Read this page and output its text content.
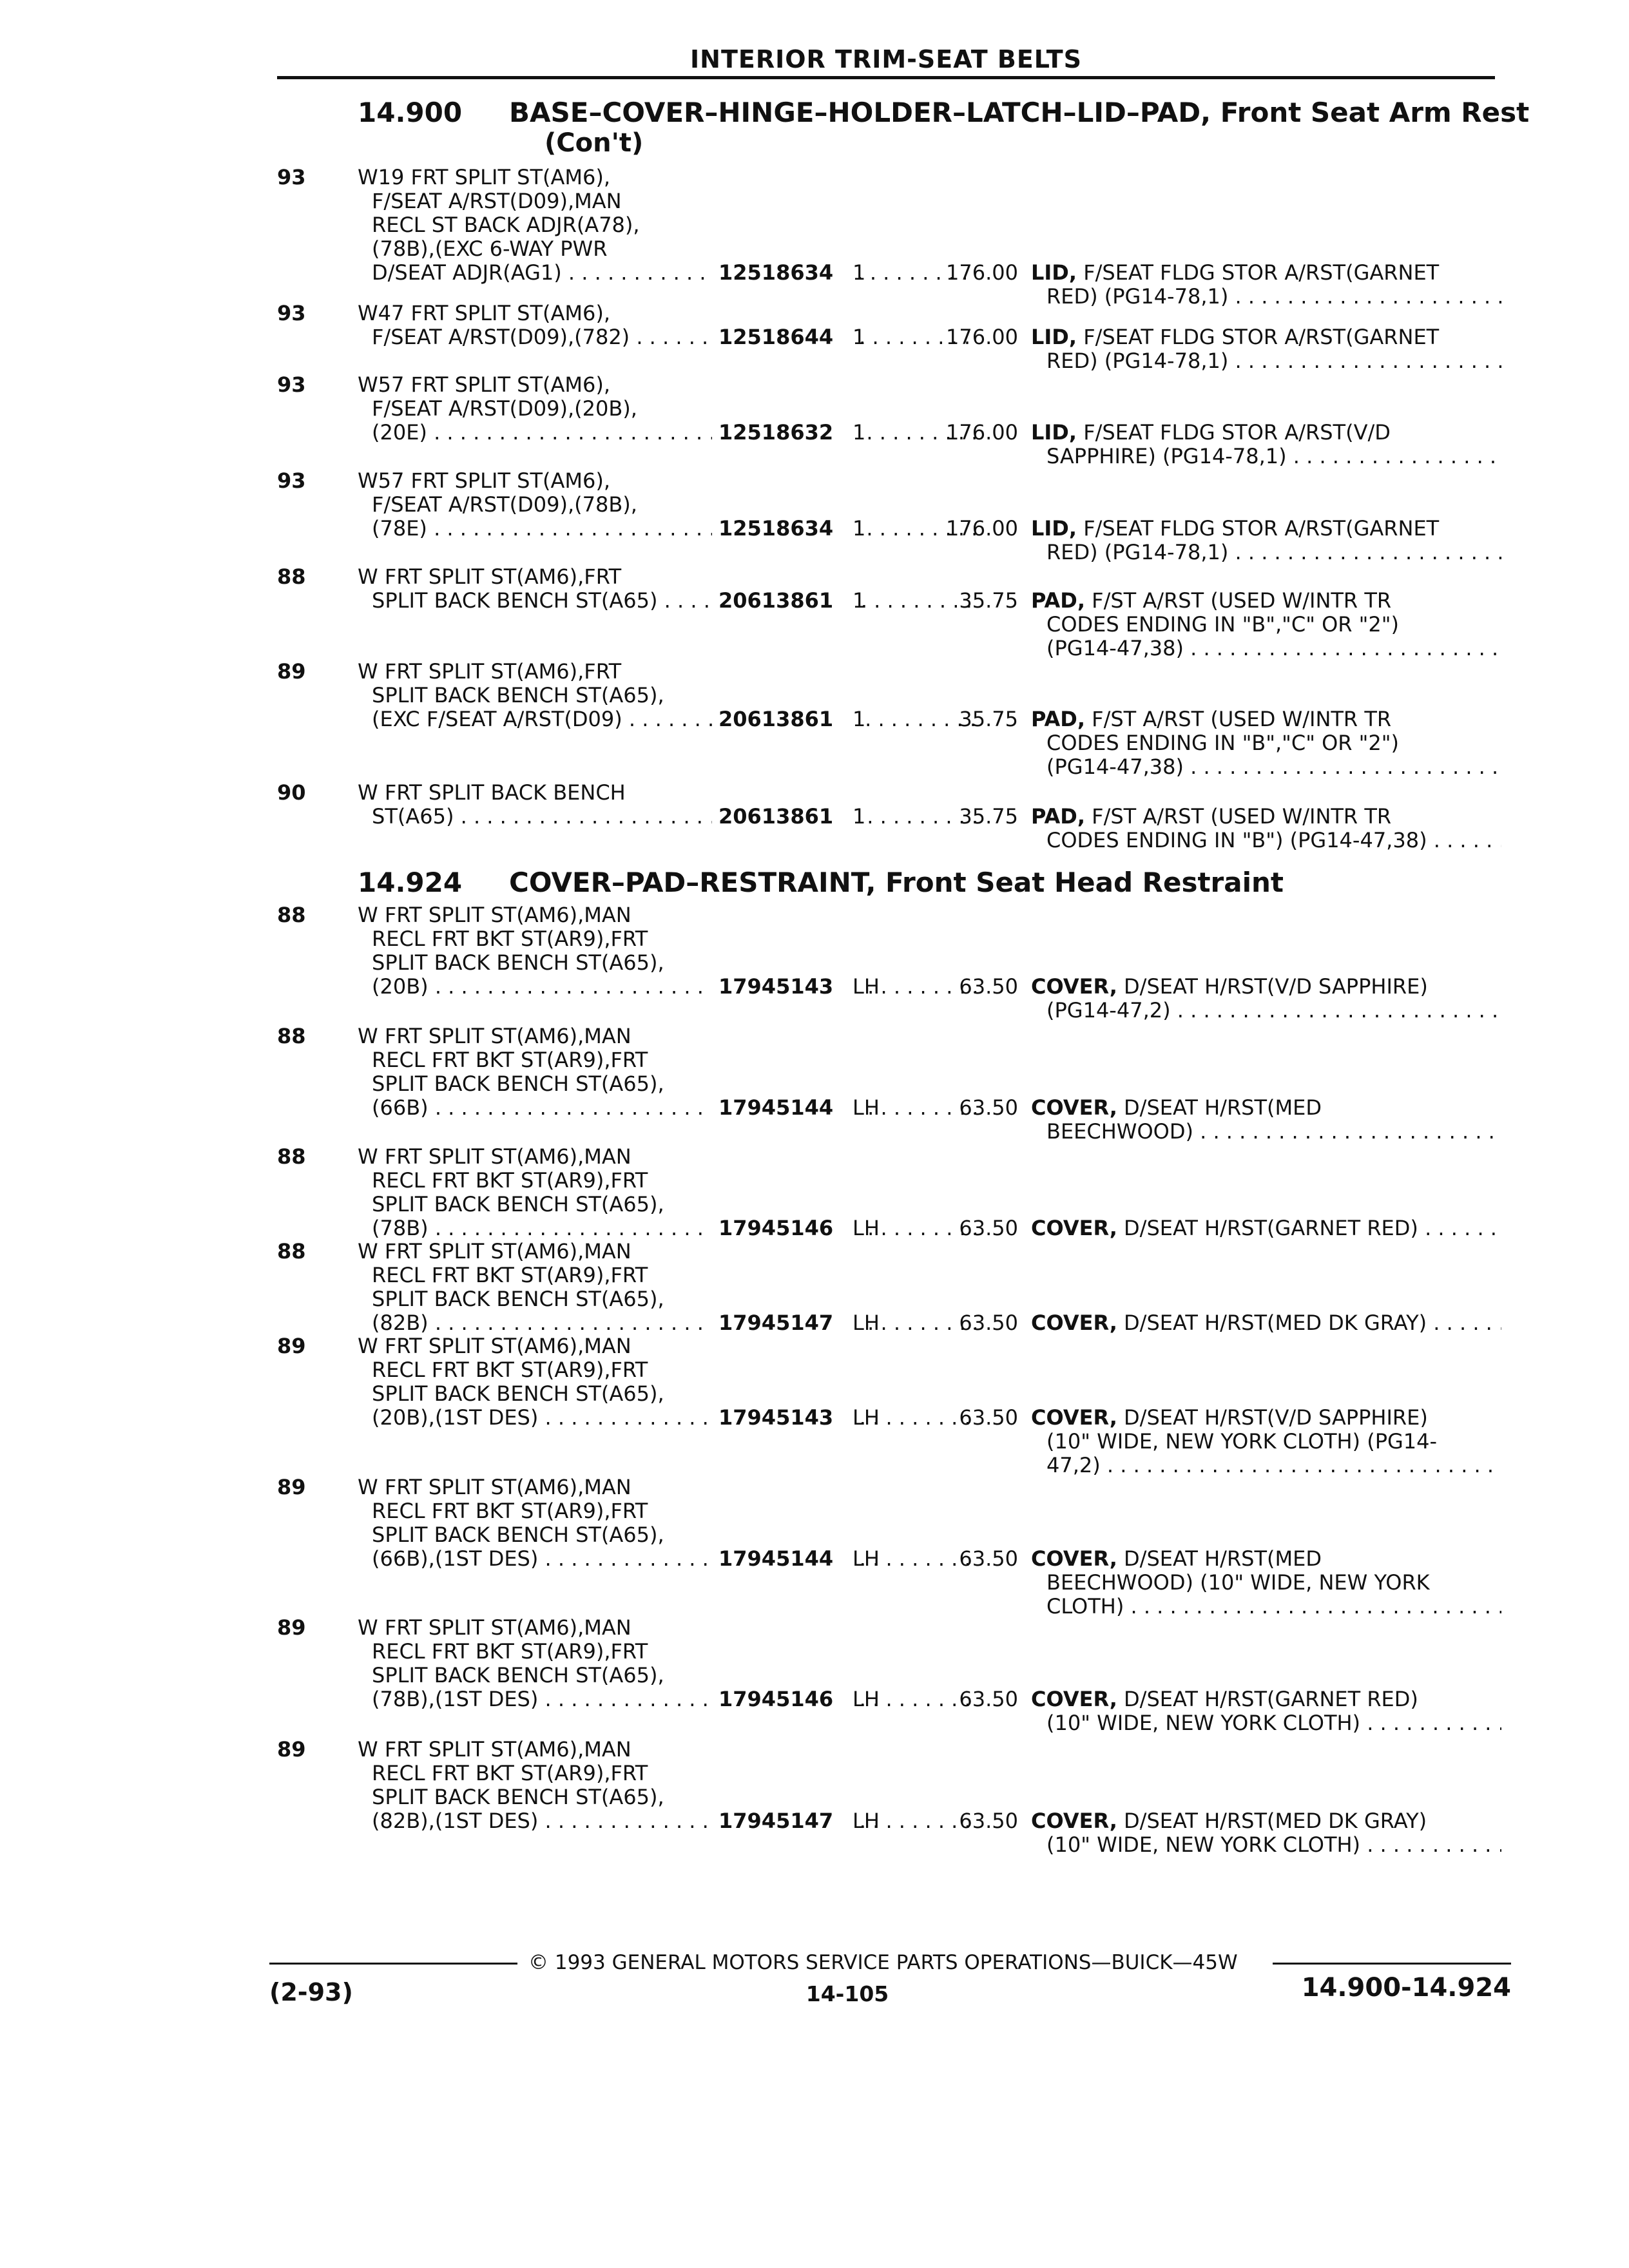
INTERIOR TRIM-SEAT BELTS
14.900 BASE–COVER–HINGE–HOLDER–LATCH–LID–PAD, Front Seat Arm Rest
(Con't)
14.924 COVER–PAD–RESTRAINT, Front Seat Head Restraint
93	W19 FRT SPLIT ST(AM6),
F/SEAT A/RST(D09),MAN
RECL ST BACK ADJR(A78),
(78B),(EXC 6-WAY PWR
D/SEAT ADJR(AG1) . . .	12518634 1	176.00 LID, F/SEAT FLDG STOR A/RST(GARNET
RED) (PG14-78,1) . . .
93	W47 FRT SPLIT ST(AM6),
F/SEAT A/RST(D09),(782) . . .	12518644 1	176.00 LID, F/SEAT FLDG STOR A/RST(GARNET
RED) (PG14-78,1) . . .
93	W57 FRT SPLIT ST(AM6),
F/SEAT A/RST(D09),(20B),
(20E) . . .	12518632 1	176.00 LID, F/SEAT FLDG STOR A/RST(V/D
SAPPHIRE) (PG14-78,1) . . .
93	W57 FRT SPLIT ST(AM6),
F/SEAT A/RST(D09),(78B),
(78E) . . .	12518634 1	176.00 LID, F/SEAT FLDG STOR A/RST(GARNET
RED) (PG14-78,1) . . .
88	W FRT SPLIT ST(AM6),FRT
SPLIT BACK BENCH ST(A65) . . .	20613861 1	35.75 PAD, F/ST A/RST (USED W/INTR TR
CODES ENDING IN "B","C" OR "2")
(PG14-47,38) . . .
89	W FRT SPLIT ST(AM6),FRT
SPLIT BACK BENCH ST(A65),
(EXC F/SEAT A/RST(D09) . . .	20613861 1	35.75 PAD, F/ST A/RST (USED W/INTR TR
CODES ENDING IN "B","C" OR "2")
(PG14-47,38) . . .
90	W FRT SPLIT BACK BENCH
ST(A65) . . .	20613861 1	35.75 PAD, F/ST A/RST (USED W/INTR TR
CODES ENDING IN "B") (PG14-47,38) . . .
88	W FRT SPLIT ST(AM6),MAN
RECL FRT BKT ST(AR9),FRT
SPLIT BACK BENCH ST(A65),
(20B) . . .	17945143 LH	63.50 COVER, D/SEAT H/RST(V/D SAPPHIRE)
(PG14-47,2) . . .
88	W FRT SPLIT ST(AM6),MAN
RECL FRT BKT ST(AR9),FRT
SPLIT BACK BENCH ST(A65),
(66B) . . .	17945144 LH	63.50 COVER, D/SEAT H/RST(MED
BEECHWOOD) . . .
88	W FRT SPLIT ST(AM6),MAN
RECL FRT BKT ST(AR9),FRT
SPLIT BACK BENCH ST(A65),
(78B) . . .	17945146 LH	63.50 COVER, D/SEAT H/RST(GARNET RED) . . .
88	W FRT SPLIT ST(AM6),MAN
RECL FRT BKT ST(AR9),FRT
SPLIT BACK BENCH ST(A65),
(82B) . . .	17945147 LH	63.50 COVER, D/SEAT H/RST(MED DK GRAY) . . .
89	W FRT SPLIT ST(AM6),MAN
RECL FRT BKT ST(AR9),FRT
SPLIT BACK BENCH ST(A65),
(20B),(1ST DES) . . .	17945143 LH	63.50 COVER, D/SEAT H/RST(V/D SAPPHIRE)
(10" WIDE, NEW YORK CLOTH) (PG14-
47,2) . . .
89	W FRT SPLIT ST(AM6),MAN
RECL FRT BKT ST(AR9),FRT
SPLIT BACK BENCH ST(A65),
(66B),(1ST DES) . . .	17945144 LH	63.50 COVER, D/SEAT H/RST(MED
BEECHWOOD) (10" WIDE, NEW YORK
CLOTH) . . .
89	W FRT SPLIT ST(AM6),MAN
RECL FRT BKT ST(AR9),FRT
SPLIT BACK BENCH ST(A65),
(78B),(1ST DES) . . .	17945146 LH	63.50 COVER, D/SEAT H/RST(GARNET RED)
(10" WIDE, NEW YORK CLOTH) . . .
89	W FRT SPLIT ST(AM6),MAN
RECL FRT BKT ST(AR9),FRT
SPLIT BACK BENCH ST(A65),
(82B),(1ST DES) . . .	17945147 LH	63.50 COVER, D/SEAT H/RST(MED DK GRAY)
(10" WIDE, NEW YORK CLOTH) . . .
© 1993 GENERAL MOTORS SERVICE PARTS OPERATIONS—BUICK—45W
(2-93)	14-105	14.900-14.924
